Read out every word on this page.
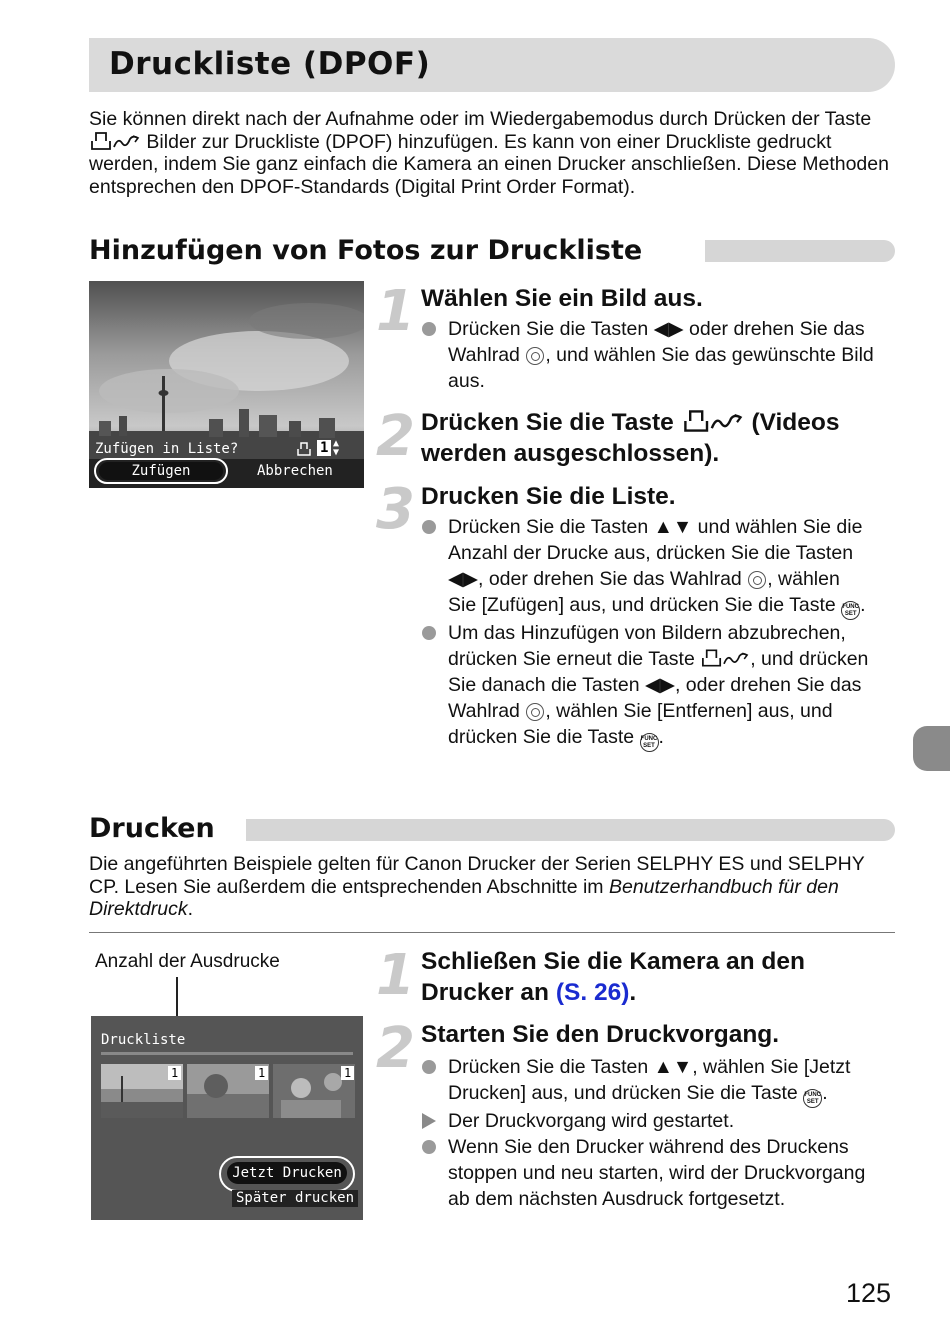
Druckliste (DPOF)
Sie können direkt nach der Aufnahme oder im Wiedergabemodus durch Drücken der Taste  Bilder zur Druckliste (DPOF) hinzufügen. Es kann von einer Druckliste gedruckt werden, indem Sie ganz einfach die Kamera an einen Drucker anschließen. Diese Methoden entsprechen den DPOF-Standards (Digital Print Order Format).
Hinzufügen von Fotos zur Druckliste
Zufügen in Liste?	1 ▲
▼
Zufügen	Abbrechen
1 Wählen Sie ein Bild aus.
Drücken Sie die Tasten ◀▶ oder drehen Sie das Wahlrad , und wählen Sie das gewünschte Bild aus.
2 Drücken Sie die Taste	(Videos werden ausgeschlossen).
3 Drucken Sie die Liste.
Drücken Sie die Tasten ▲▼ und wählen Sie die Anzahl der Drucke aus, drücken Sie die Tasten ◀▶, oder drehen Sie das Wahlrad , wählen Sie [Zufügen] aus, und drücken Sie die Taste FUNC SET .
Um das Hinzufügen von Bildern abzubrechen, drücken Sie erneut die Taste	, und drücken Sie danach die Tasten ◀▶, oder drehen Sie das Wahlrad , wählen Sie [Entfernen] aus, und drücken Sie die Taste FUNC SET .
Drucken
Die angeführten Beispiele gelten für Canon Drucker der Serien SELPHY ES und SELPHY CP. Lesen Sie außerdem die entsprechenden Abschnitte im Benutzerhandbuch für den Direktdruck.
Anzahl der Ausdrucke
Druckliste
1	1	1
Jetzt Drucken
Später drucken
1 Schließen Sie die Kamera an den Drucker an (S. 26).
2 Starten Sie den Druckvorgang.
Drücken Sie die Tasten ▲▼, wählen Sie [Jetzt Drucken] aus, und drücken Sie die Taste FUNC SET .
Der Druckvorgang wird gestartet.
Wenn Sie den Drucker während des Druckens stoppen und neu starten, wird der Druckvorgang ab dem nächsten Ausdruck fortgesetzt.
125
